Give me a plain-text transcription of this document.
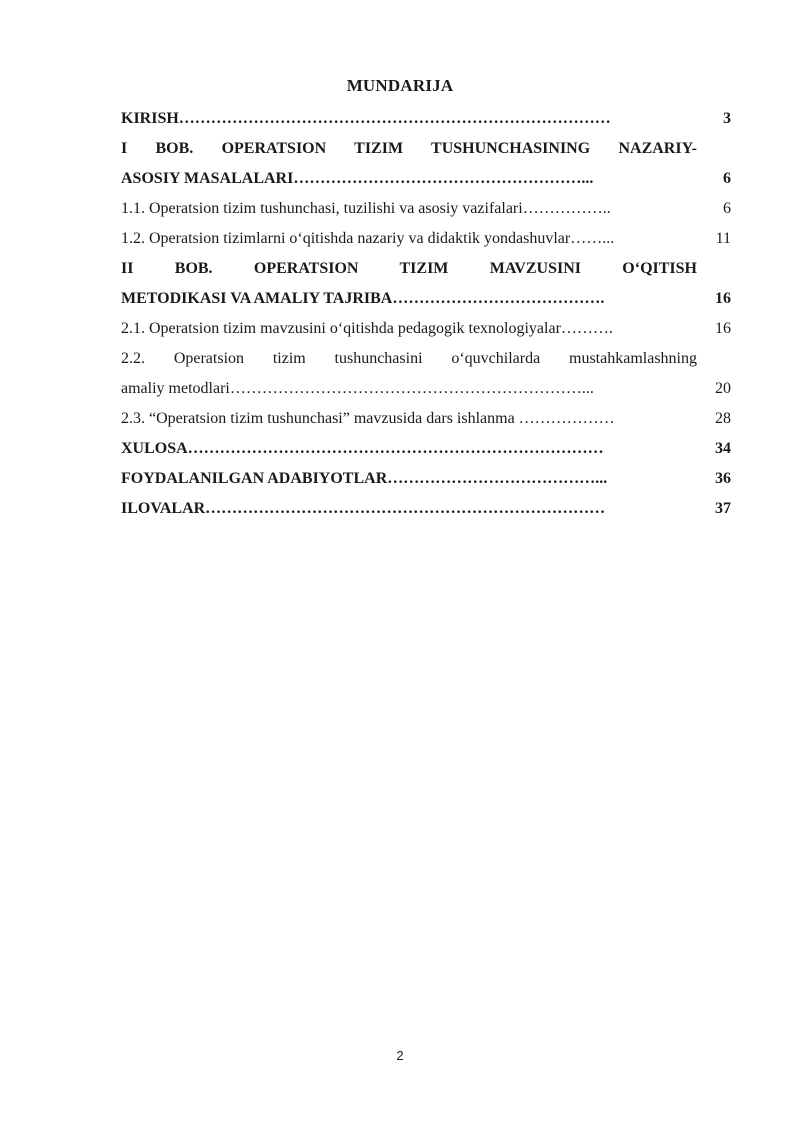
MUNDARIJA
KIRISH………………………………………………………………………	3
I BOB. OPERATSION TIZIM TUSHUNCHASINING NAZARIY-
ASOSIY MASALALARI………………………………………………...	6
1.1. Operatsion tizim tushunchasi, tuzilishi va asosiy vazifalari……………..	6
1.2. Operatsion tizimlarni o‘qitishda nazariy va didaktik yondashuvlar……...	11
II BOB. OPERATSION TIZIM MAVZUSINI O‘QITISH
METODIKASI VA AMALIY TAJRIBA………………………………….	16
2.1. Operatsion tizim mavzusini o‘qitishda pedagogik texnologiyalar……….	16
2.2. Operatsion tizim tushunchasini o‘quvchilarda mustahkamlashning
amaliy metodlari…………………………………………………………...	20
2.3. “Operatsion tizim tushunchasi” mavzusida dars ishlanma ………………	28
XULOSA……………………………………………………………………	34
FOYDALANILGAN ADABIYOTLAR…………………………………...	36
ILOVALAR…………………………………………………………………	37
2
